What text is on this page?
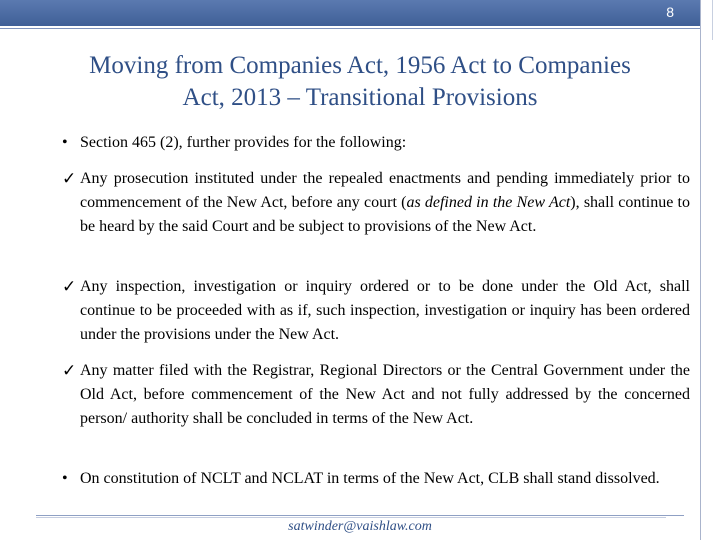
8
Moving from Companies Act, 1956 Act to Companies
Act, 2013 – Transitional Provisions
• Section 465 (2), further provides for the following:
✓ Any prosecution instituted under the repealed enactments and pending immediately prior to commencement of the New Act, before any court (as defined in the New Act), shall continue to be heard by the said Court and be subject to provisions of the New Act.
✓ Any inspection, investigation or inquiry ordered or to be done under the Old Act, shall continue to be proceeded with as if, such inspection, investigation or inquiry has been ordered under the provisions under the New Act.
✓ Any matter filed with the Registrar, Regional Directors or the Central Government under the Old Act, before commencement of the New Act and not fully addressed by the concerned person/ authority shall be concluded in terms of the New Act.
• On constitution of NCLT and NCLAT in terms of the New Act, CLB shall stand dissolved.
satwinder@vaishlaw.com
